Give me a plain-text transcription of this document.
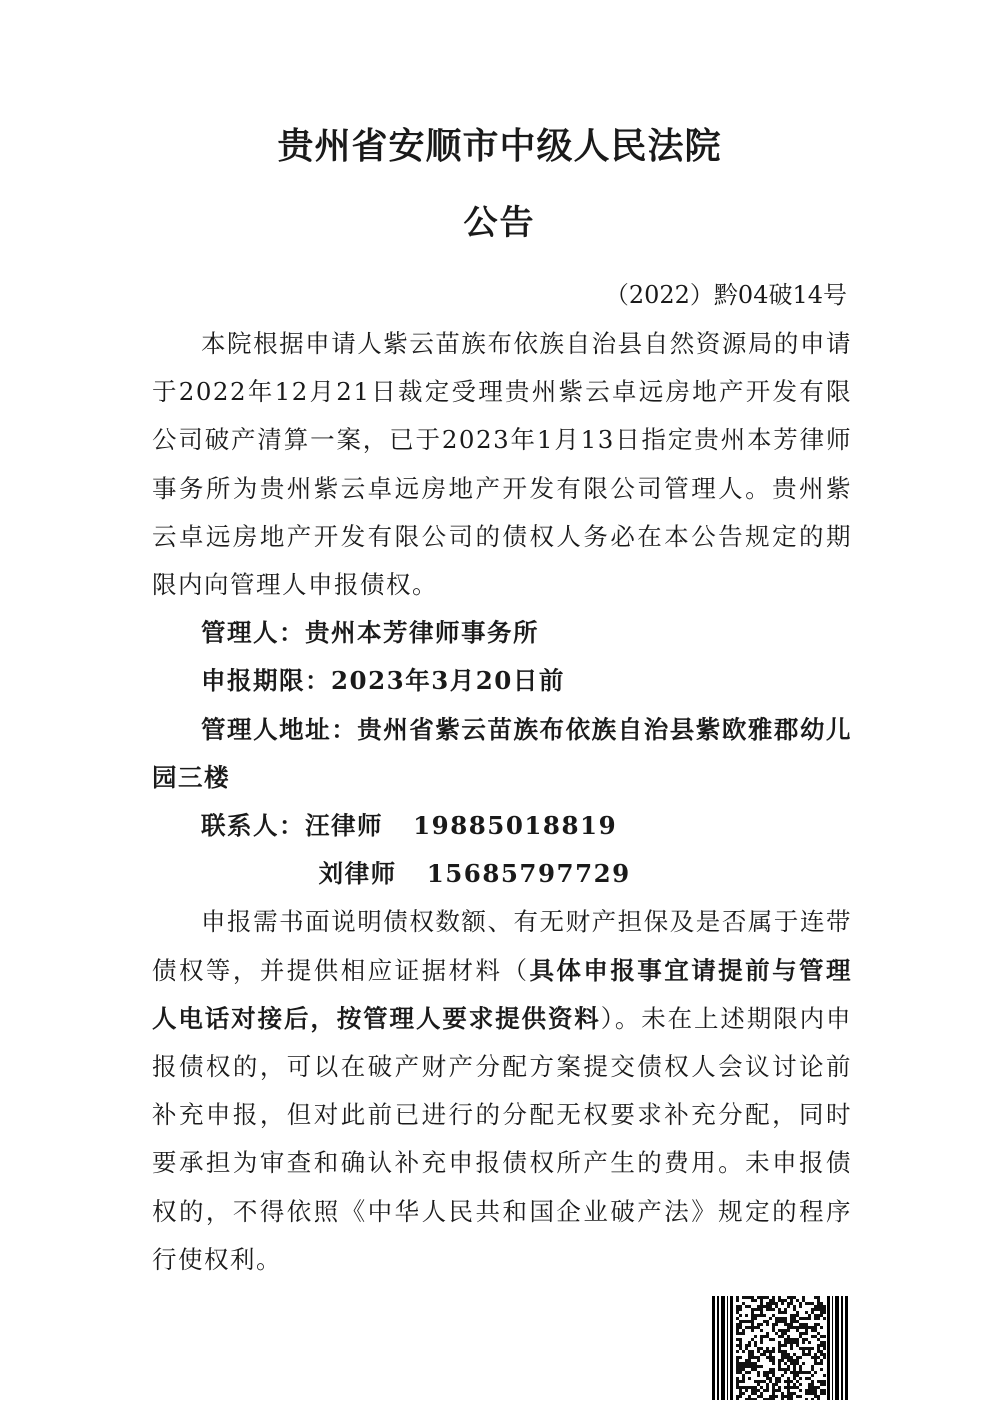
贵州省安顺市中级人民法院
公告
（2022）黔04破14号

本院根据申请人紫云苗族布依族自治县自然资源局的申请于2022年12月21日裁定受理贵州紫云卓远房地产开发有限公司破产清算一案，已于2023年1月13日指定贵州本芳律师事务所为贵州紫云卓远房地产开发有限公司管理人。贵州紫云卓远房地产开发有限公司的债权人务必在本公告规定的期限内向管理人申报债权。

管理人：贵州本芳律师事务所

申报期限：2023年3月20日前

管理人地址：贵州省紫云苗族布依族自治县紫欧雅郡幼儿园三楼

联系人：汪律师 19885018819

刘律师 15685797729

申报需书面说明债权数额、有无财产担保及是否属于连带债权等，并提供相应证据材料（具体申报事宜请提前与管理人电话对接后，按管理人要求提供资料）。未在上述期限内申报债权的，可以在破产财产分配方案提交债权人会议讨论前补充申报，但对此前已进行的分配无权要求补充分配，同时要承担为审查和确认补充申报债权所产生的费用。未申报债权的，不得依照《中华人民共和国企业破产法》规定的程序行使权利。
